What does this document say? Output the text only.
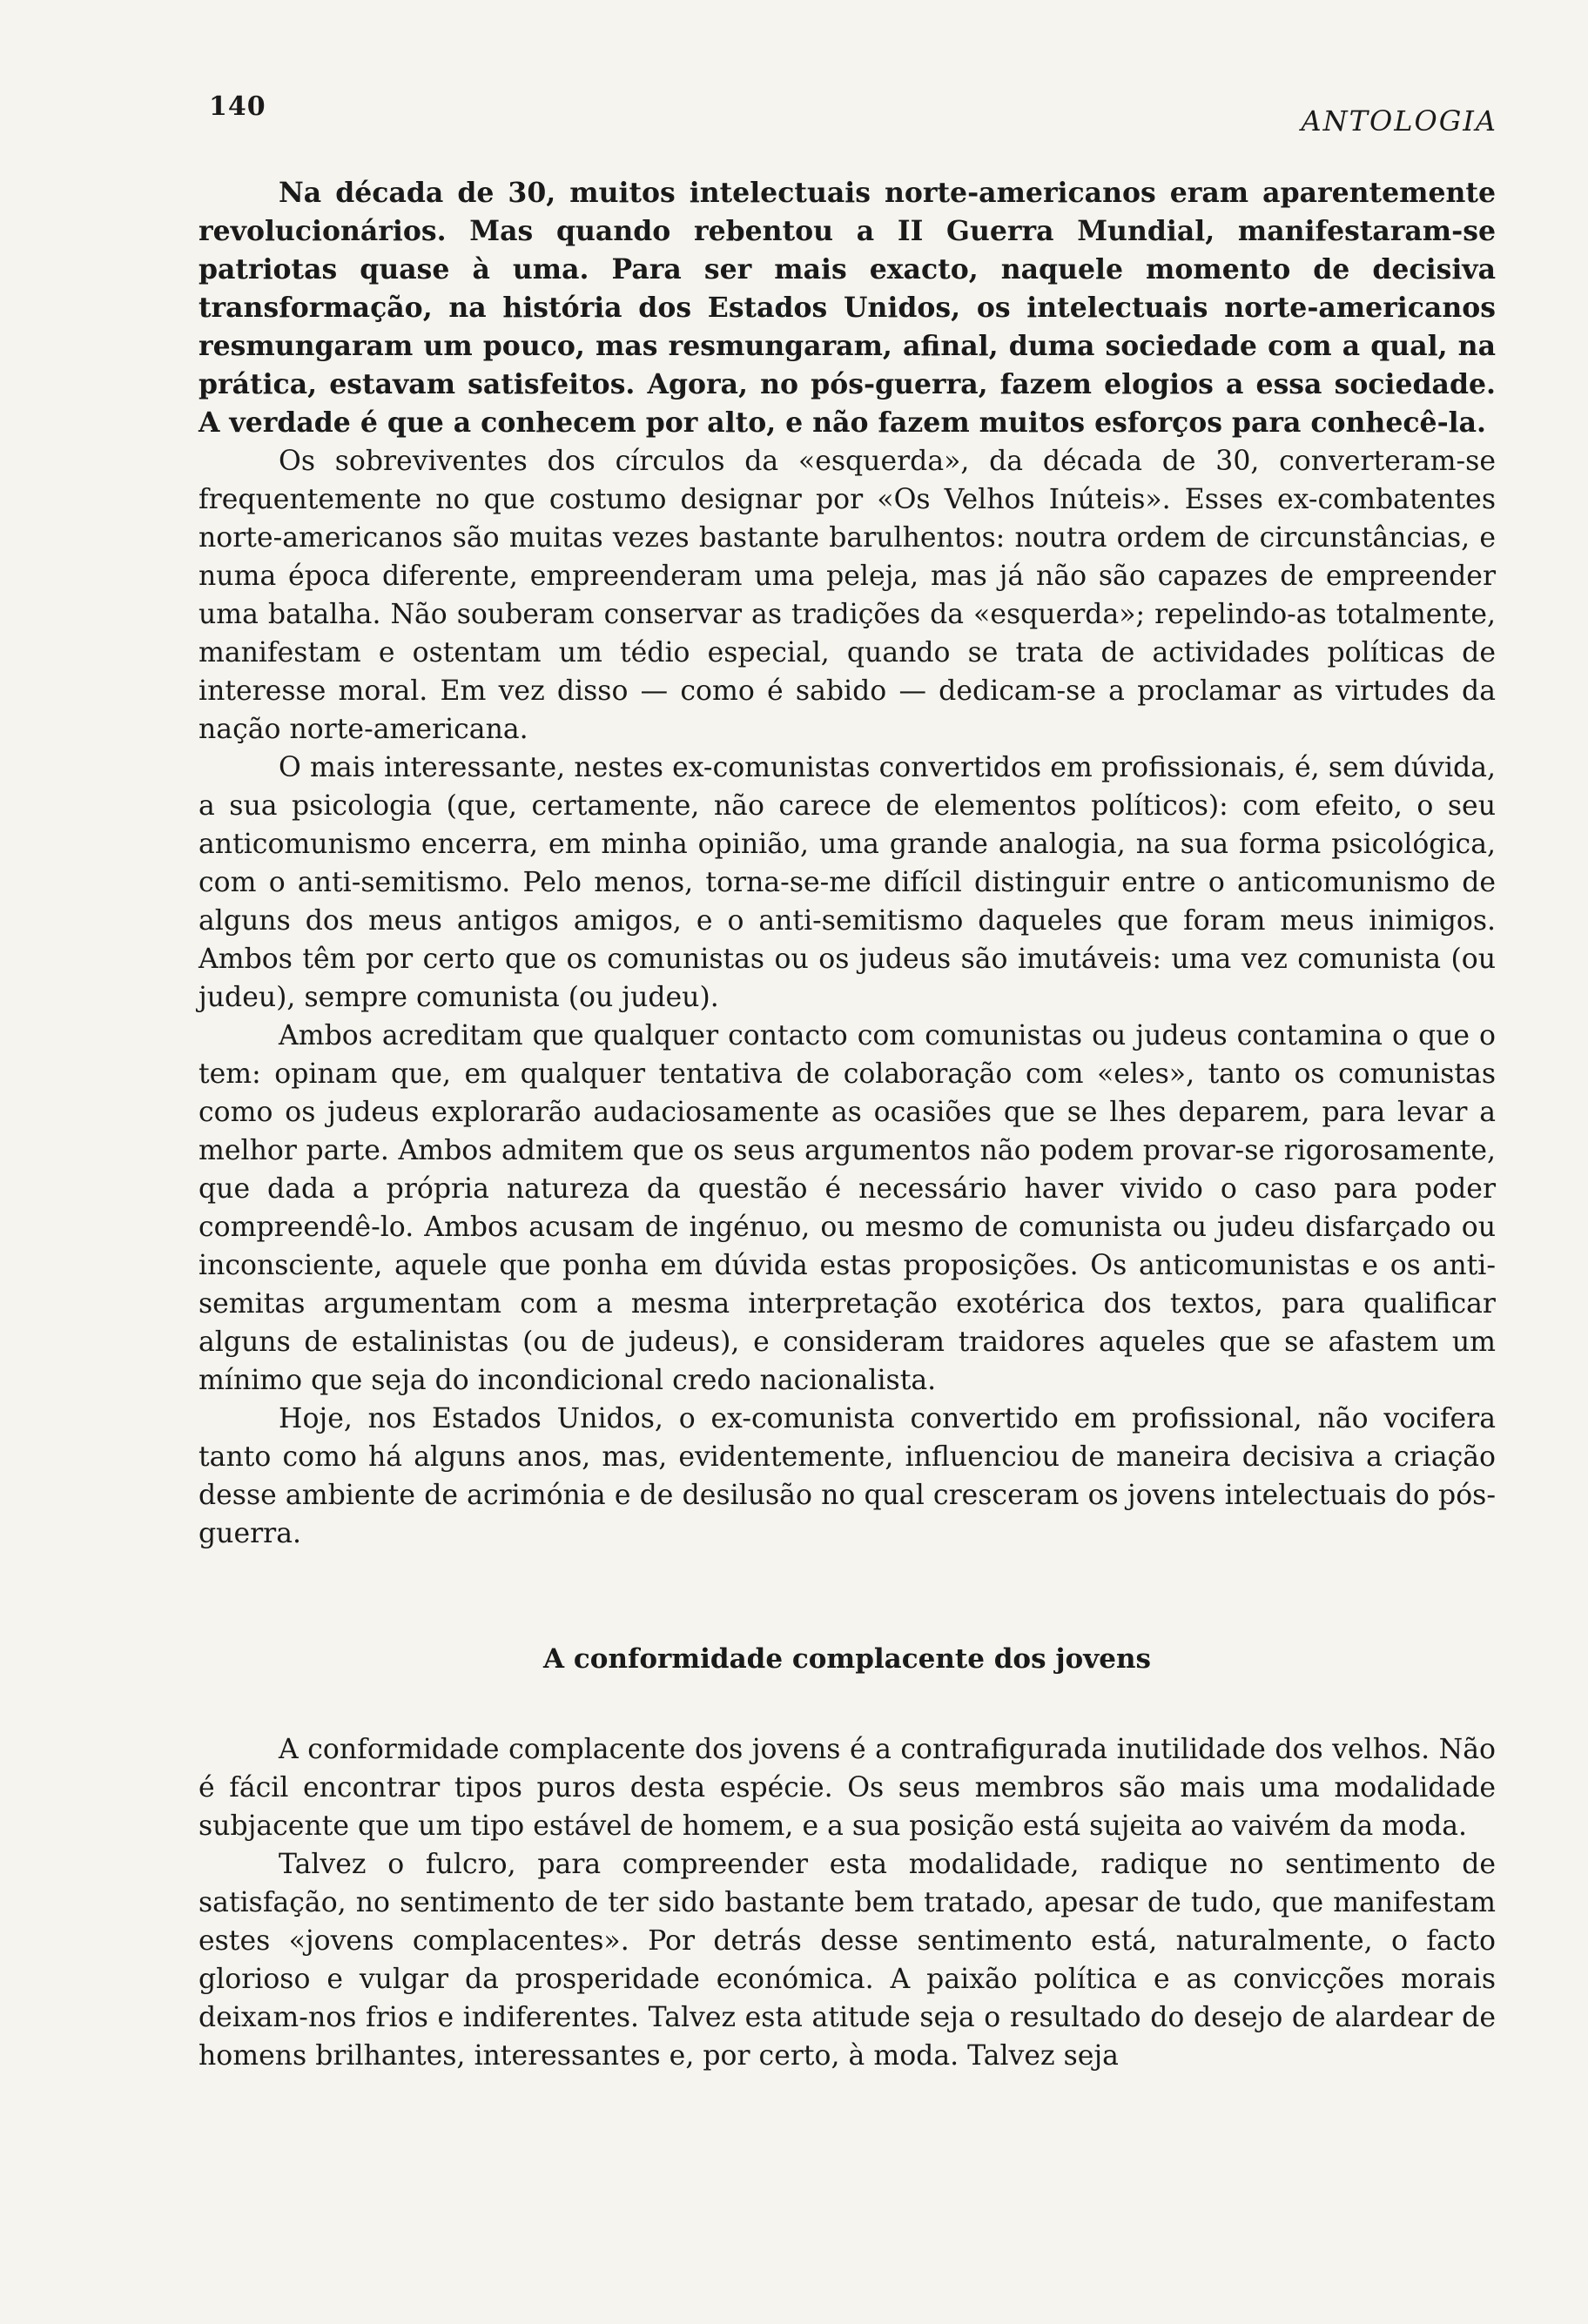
140	ANTOLOGIA

Na década de 30, muitos intelectuais norte-americanos eram aparentemente revolucionários. Mas quando rebentou a II Guerra Mundial, manifestaram-se patriotas quase à uma. Para ser mais exacto, naquele momento de decisiva transformação, na história dos Estados Unidos, os intelectuais norte-americanos resmungaram um pouco, mas resmungaram, afinal, duma sociedade com a qual, na prática, estavam satisfeitos. Agora, no pós-guerra, fazem elogios a essa sociedade. A verdade é que a conhecem por alto, e não fazem muitos esforços para conhecê-la.

Os sobreviventes dos círculos da «esquerda», da década de 30, converteram-se frequentemente no que costumo designar por «Os Velhos Inúteis». Esses ex-combatentes norte-americanos são muitas vezes bastante barulhentos: noutra ordem de circunstâncias, e numa época diferente, empreenderam uma peleja, mas já não são capazes de empreender uma batalha. Não souberam conservar as tradições da «esquerda»; repelindo-as totalmente, manifestam e ostentam um tédio especial, quando se trata de actividades políticas de interesse moral. Em vez disso — como é sabido — dedicam-se a proclamar as virtudes da nação norte-americana.

O mais interessante, nestes ex-comunistas convertidos em profissionais, é, sem dúvida, a sua psicologia (que, certamente, não carece de elementos políticos): com efeito, o seu anticomunismo encerra, em minha opinião, uma grande analogia, na sua forma psicológica, com o anti-semitismo. Pelo menos, torna-se-me difícil distinguir entre o anticomunismo de alguns dos meus antigos amigos, e o anti-semitismo daqueles que foram meus inimigos. Ambos têm por certo que os comunistas ou os judeus são imutáveis: uma vez comunista (ou judeu), sempre comunista (ou judeu).

Ambos acreditam que qualquer contacto com comunistas ou judeus contamina o que o tem: opinam que, em qualquer tentativa de colaboração com «eles», tanto os comunistas como os judeus explorarão audaciosamente as ocasiões que se lhes deparem, para levar a melhor parte. Ambos admitem que os seus argumentos não podem provar-se rigorosamente, que dada a própria natureza da questão é necessário haver vivido o caso para poder compreendê-lo. Ambos acusam de ingénuo, ou mesmo de comunista ou judeu disfarçado ou inconsciente, aquele que ponha em dúvida estas proposições. Os anticomunistas e os anti-semitas argumentam com a mesma interpretação exotérica dos textos, para qualificar alguns de estalinistas (ou de judeus), e consideram traidores aqueles que se afastem um mínimo que seja do incondicional credo nacionalista.

Hoje, nos Estados Unidos, o ex-comunista convertido em profissional, não vocifera tanto como há alguns anos, mas, evidentemente, influenciou de maneira decisiva a criação desse ambiente de acrimónia e de desilusão no qual cresceram os jovens intelectuais do pós-guerra.

A conformidade complacente dos jovens

A conformidade complacente dos jovens é a contrafigurada inutilidade dos velhos. Não é fácil encontrar tipos puros desta espécie. Os seus membros são mais uma modalidade subjacente que um tipo estável de homem, e a sua posição está sujeita ao vaivém da moda.

Talvez o fulcro, para compreender esta modalidade, radique no sentimento de satisfação, no sentimento de ter sido bastante bem tratado, apesar de tudo, que manifestam estes «jovens complacentes». Por detrás desse sentimento está, naturalmente, o facto glorioso e vulgar da prosperidade económica. A paixão política e as convicções morais deixam-nos frios e indiferentes. Talvez esta atitude seja o resultado do desejo de alardear de homens brilhantes, interessantes e, por certo, à moda. Talvez seja
